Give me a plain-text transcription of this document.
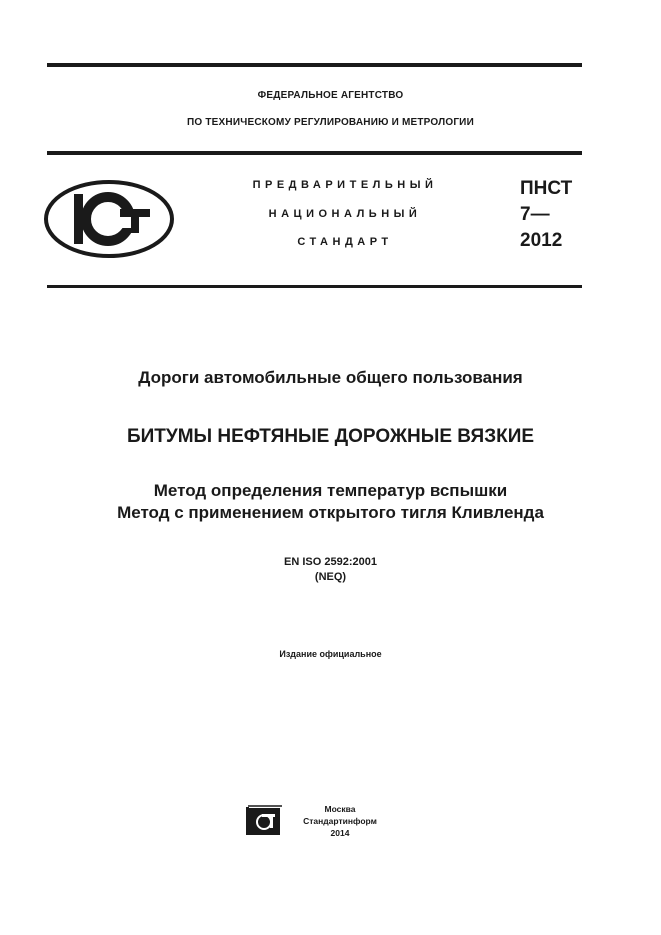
ФЕДЕРАЛЬНОЕ АГЕНТСТВО
ПО ТЕХНИЧЕСКОМУ РЕГУЛИРОВАНИЮ И МЕТРОЛОГИИ
ПРЕДВАРИТЕЛЬНЫЙ
НАЦИОНАЛЬНЫЙ
СТАНДАРТ
ПНСТ
7—
2012
Дороги автомобильные общего пользования
БИТУМЫ НЕФТЯНЫЕ ДОРОЖНЫЕ ВЯЗКИЕ
Метод определения температур вспышки
Метод с применением открытого тигля Кливленда
EN ISO 2592:2001
(NEQ)
Издание официальное
Москва
Стандартинформ
2014
